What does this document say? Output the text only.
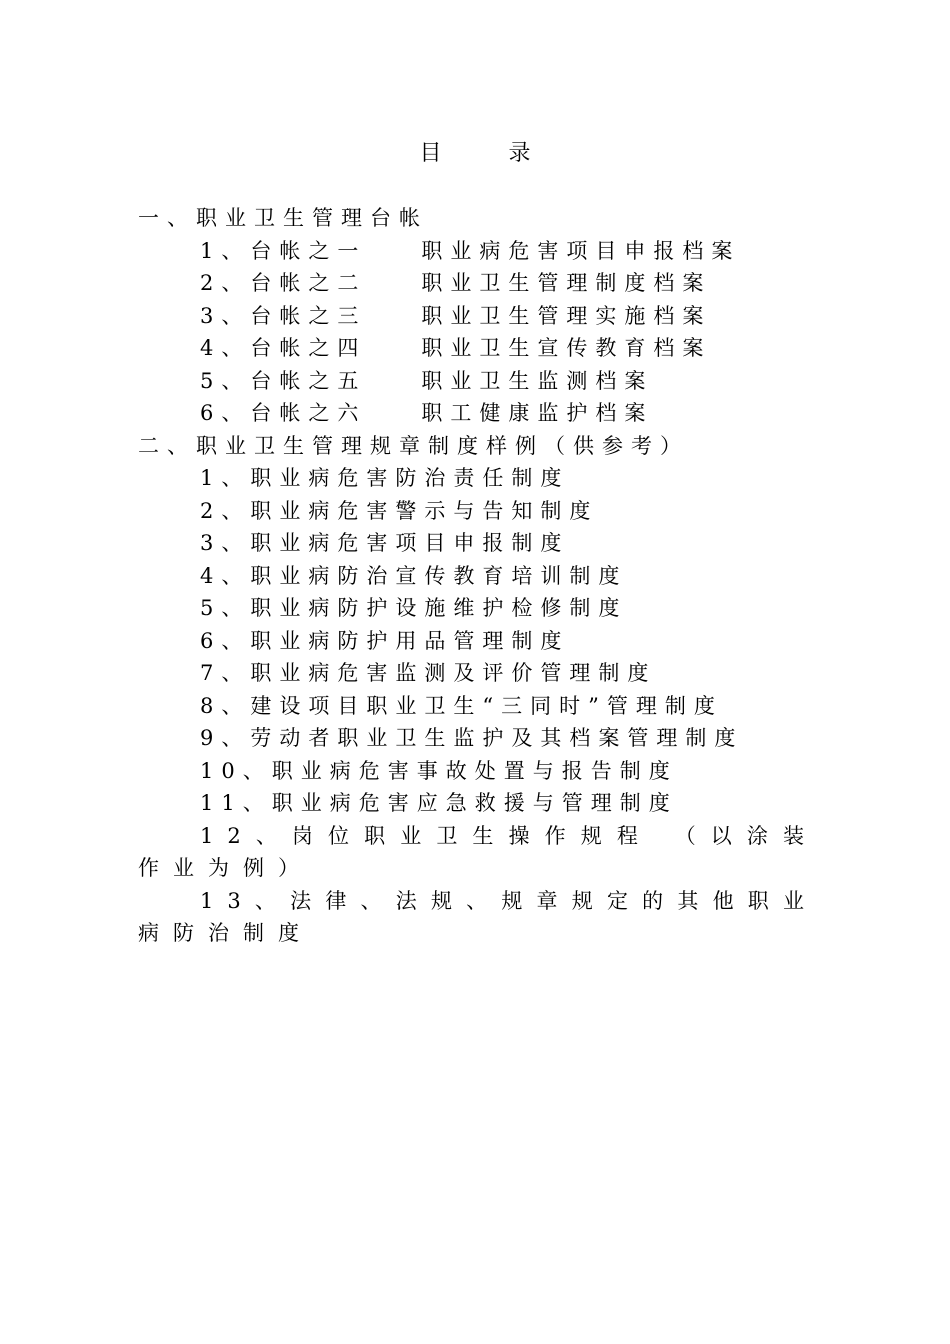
目 录
一、职业卫生管理台帐
1、台帐之一	职业病危害项目申报档案
2、台帐之二	职业卫生管理制度档案
3、台帐之三	职业卫生管理实施档案
4、台帐之四	职业卫生宣传教育档案
5、台帐之五	职业卫生监测档案
6、台帐之六	职工健康监护档案
二、职业卫生管理规章制度样例（供参考）
1、职业病危害防治责任制度
2、职业病危害警示与告知制度
3、职业病危害项目申报制度
4、职业病防治宣传教育培训制度
5、职业病防护设施维护检修制度
6、职业病防护用品管理制度
7、职业病危害监测及评价管理制度
8、建设项目职业卫生“三同时”管理制度
9、劳动者职业卫生监护及其档案管理制度
10、职业病危害事故处置与报告制度
11、职业病危害应急救援与管理制度
12、岗位职业卫生操作规程 （以涂装作业为例）
13、法律、法规、规章规定的其他职业病防治制度
